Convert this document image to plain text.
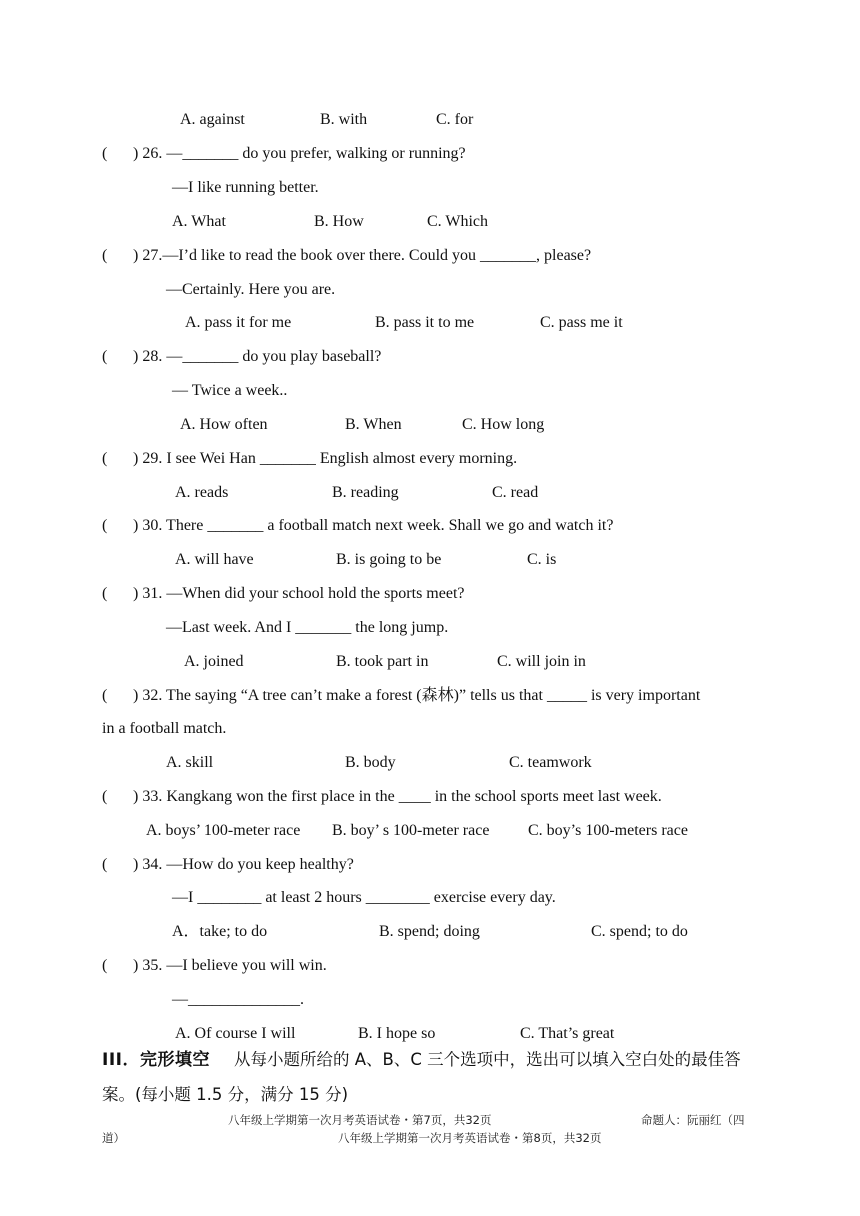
A. against	B. with	C. for
( ) 26. —_______ do you prefer, walking or running?
—I like running better.
A. What	B. How	C. Which
( ) 27.—I’d like to read the book over there. Could you _______, please?
—Certainly. Here you are.
A. pass it for me	B. pass it to me	C. pass me it
( ) 28. —_______ do you play baseball?
— Twice a week..
A. How often	B. When	C. How long
( ) 29. I see Wei Han _______ English almost every morning.
A. reads	B. reading	C. read
( ) 30. There _______ a football match next week. Shall we go and watch it?
A. will have	B. is going to be	C. is
( ) 31. —When did your school hold the sports meet?
—Last week. And I _______ the long jump.
A. joined	B. took part in	C. will join in
( ) 32. The saying “A tree can’t make a forest (森林)” tells us that _____ is very important
in a football match.
A. skill	B. body	C. teamwork
( ) 33. Kangkang won the first place in the ____ in the school sports meet last week.
A. boys’ 100-meter race B. boy’ s 100-meter race C. boy’s 100-meters race
( ) 34. —How do you keep healthy?
—I ________ at least 2 hours ________ exercise every day.
A．take; to do	B. spend; doing	C. spend; to do
( ) 35. —I believe you will win.
—______________.
A. Of course I will	B. I hope so	C. That’s great
III．完形填空 从每小题所给的 A、B、C 三个选项中，选出可以填入空白处的最佳答
案。(每小题 1.5 分，满分 15 分)
八年级上学期第一次月考英语试卷・第7页，共32页	命题人：阮丽红（四
道）	八年级上学期第一次月考英语试卷・第8页，共32页
